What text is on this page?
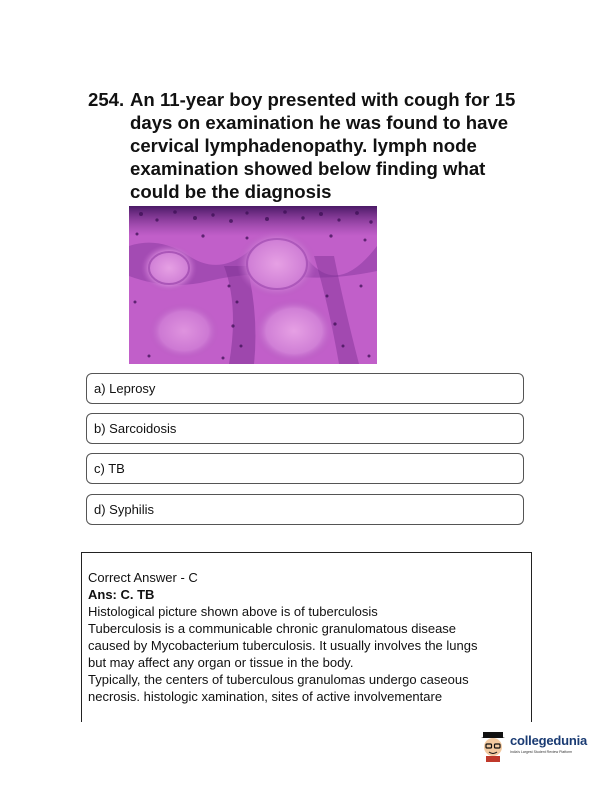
254. An 11-year boy presented with cough for 15 days on examination he was found to have cervical lymphadenopathy. lymph node examination showed below finding what could be the diagnosis
a) Leprosy
b) Sarcoidosis
c) TB
d) Syphilis
Correct Answer - C
Ans: C. TB
Histological picture shown above is of tuberculosis
Tuberculosis is a communicable chronic granulomatous disease
caused by Mycobacterium tuberculosis. It usually involves the lungs
but may affect any organ or tissue in the body.
Typically, the centers of tuberculous granulomas undergo caseous
necrosis. histologic xamination, sites of active involvementare
collegedunia
India's Largest Student Review Platform
